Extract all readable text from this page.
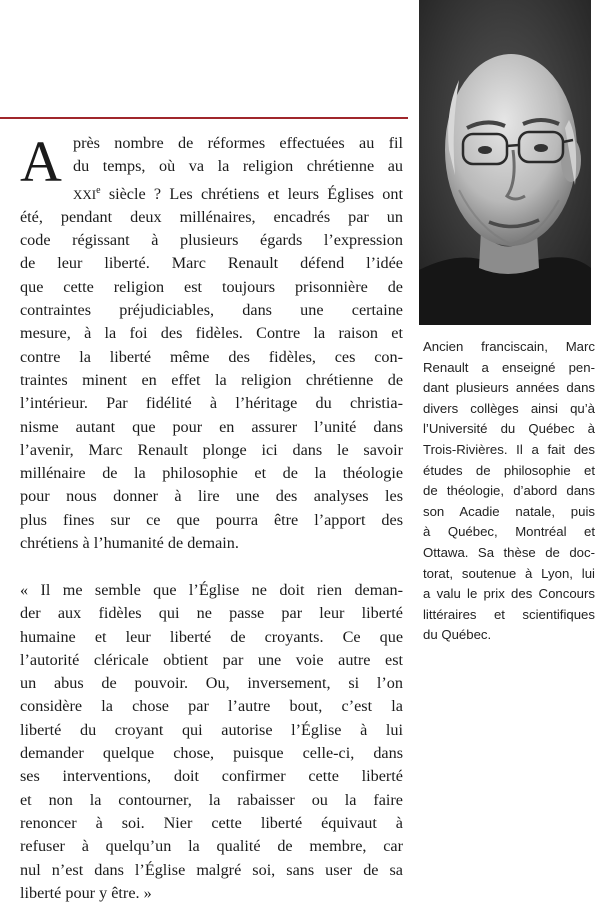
A près nombre de réformes effectuées au fil
du temps, où va la religion chrétienne au
XXIe siècle ? Les chrétiens et leurs Églises ont
été, pendant deux millénaires, encadrés par un
code régissant à plusieurs égards l’expression
de leur liberté. Marc Renault défend l’idée
que cette religion est toujours prisonnière de
contraintes préjudiciables, dans une certaine
mesure, à la foi des fidèles. Contre la raison et
contre la liberté même des fidèles, ces con-
traintes minent en effet la religion chrétienne de
l’intérieur. Par fidélité à l’héritage du christia-
nisme autant que pour en assurer l’unité dans
l’avenir, Marc Renault plonge ici dans le savoir
millénaire de la philosophie et de la théologie
pour nous donner à lire une des analyses les
plus fines sur ce que pourra être l’apport des
chrétiens à l’humanité de demain.
« Il me semble que l’Église ne doit rien deman-
der aux fidèles qui ne passe par leur liberté
humaine et leur liberté de croyants. Ce que
l’autorité cléricale obtient par une voie autre est
un abus de pouvoir. Ou, inversement, si l’on
considère la chose par l’autre bout, c’est la
liberté du croyant qui autorise l’Église à lui
demander quelque chose, puisque celle-ci, dans
ses interventions, doit confirmer cette liberté
et non la contourner, la rabaisser ou la faire
renoncer à soi. Nier cette liberté équivaut à
refuser à quelqu’un la qualité de membre, car
nul n’est dans l’Église malgré soi, sans user de sa
liberté pour y être. »
Ancien franciscain, Marc
Renault a enseigné pen-
dant plusieurs années dans
divers collèges ainsi qu’à
l’Université du Québec à
Trois-Rivières. Il a fait des
études de philosophie et
de théologie, d’abord dans
son Acadie natale, puis
à Québec, Montréal et
Ottawa. Sa thèse de doc-
torat, soutenue à Lyon, lui
a valu le prix des Concours
littéraires et scientifiques
du Québec.
